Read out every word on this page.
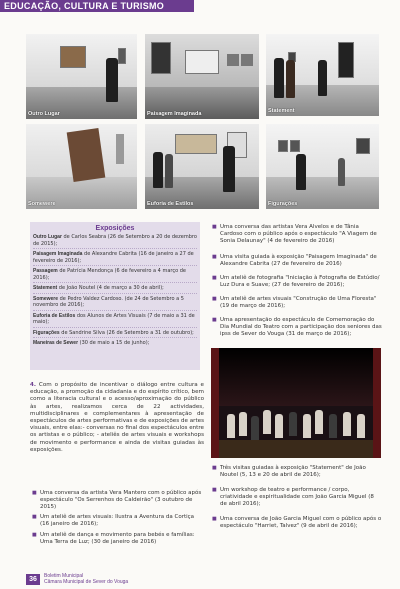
EDUCAÇÃO, CULTURA E TURISMO
Outro Lugar	Paisagem Imaginada	Statement
Somewere	Euforia de Estilos	Figurações
Exposições
Outro Lugar de Carlos Seabra (26 de Setembro a 20 de dezembro de 2015);
Paisagem Imaginada de Alexandre Cabrita (16 de janeiro a 27 de fevereiro de 2016);
Passagem de Patrícia Mendonça (6 de fevereiro a 4 março de 2016);
Statement de João Noutel (4 de março a 30 de abril);
Somewere de Pedro Valdez Cardoso. (de 24 de Setembro a 5 novembro de 2016);
Euforia de Estilos dos Alunos de Artes Visuais (7 de maio a 31 de maio);
Figurações de Sandrine Silva (26 de Setembro a 31 de outubro);
Maneiras de Sewer (30 de maio a 15 de junho);
■ Uma conversa das artistas Vera Alvelos e de Tânia Cardoso com o público após o espectáculo "A Viagem de Sonia Delaunay" (4 de fevereiro de 2016)
■ Uma visita guiada à exposição "Paisagem Imaginada" de Alexandre Cabrita (27 de fevereiro de 2016)
■ Um ateliê de fotografia "Iniciação à Fotografia de Estúdio/ Luz Dura e Suave; (27 de fevereiro de 2016);
■ Um ateliê de artes visuais "Construção de Uma Floresta" (19 de março de 2016);
■ Uma apresentação do espectáculo de Comemoração do Dia Mundial do Teatro com a participação dos seniores das ipss de Sever do Vouga (31 de março de 2016);
4. Com o propósito de incentivar o diálogo entre cultura e educação, a promoção da cidadania e do espírito crítico, bem como a literacia cultural e o acesso/aproximação do público às artes, realizamos cerca de 22 actividades, multidisciplinares e complementares à apresentação de espectáculos de artes performativas e de exposições de artes visuais, entre elas:- conversas no final dos espectáculos entre os artistas e o público; - ateliês de artes visuais e workshops de movimento e performance e ainda de visitas guiadas às exposições.
■ Uma conversa da artista Vera Mantero com o público após espectáculo "Os Serrenhos do Caldeirão" (3 outubro de 2015)
■ Um ateliê de artes visuais: Ilustra a Aventura da Cortiça (16 janeiro de 2016);
■ Um ateliê de dança e movimento para bebés e famílias: Uma Terra de Luz; (30 de janeiro de 2016)
■ Três visitas guiadas à exposição "Statement" de João Noutel (5, 13 e 20 de abril de 2016);
■ Um workshop de teatro e performance / corpo, criatividade e espiritualidade com João Garcia Miguel (8 de abril 2016);
■ Uma conversa de João Garcia Miguel com o público após o espectáculo "Harriet, Talvez" (9 de abril de 2016);
36	Boletim Municipal
Câmara Municipal de Sever do Vouga
